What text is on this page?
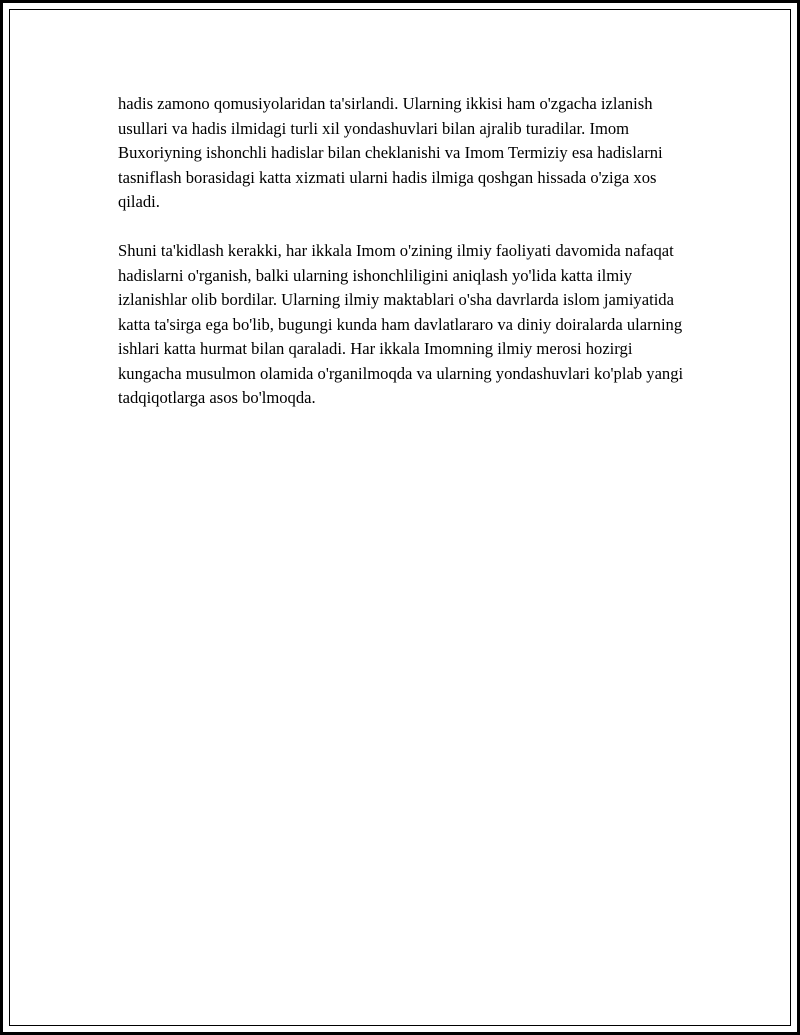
hadis zamono qomusiyolaridan ta'sirlandi. Ularning ikkisi ham o'zgacha izlanish usullari va hadis ilmidagi turli xil yondashuvlari bilan ajralib turadilar. Imom Buxoriyning ishonchli hadislar bilan cheklanishi va Imom Termiziy esa hadislarni tasniflash borasidagi katta xizmati ularni hadis ilmiga qoshgan hissada o'ziga xos qiladi.

Shuni ta'kidlash kerakki, har ikkala Imom o'zining ilmiy faoliyati davomida nafaqat hadislarni o'rganish, balki ularning ishonchliligini aniqlash yo'lida katta ilmiy izlanishlar olib bordilar. Ularning ilmiy maktablari o'sha davrlarda islom jamiyatida katta ta'sirga ega bo'lib, bugungi kunda ham davlatlararo va diniy doiralarda ularning ishlari katta hurmat bilan qaraladi. Har ikkala Imomning ilmiy merosi hozirgi kungacha musulmon olamida o'rganilmoqda va ularning yondashuvlari ko'plab yangi tadqiqotlarga asos bo'lmoqda.
